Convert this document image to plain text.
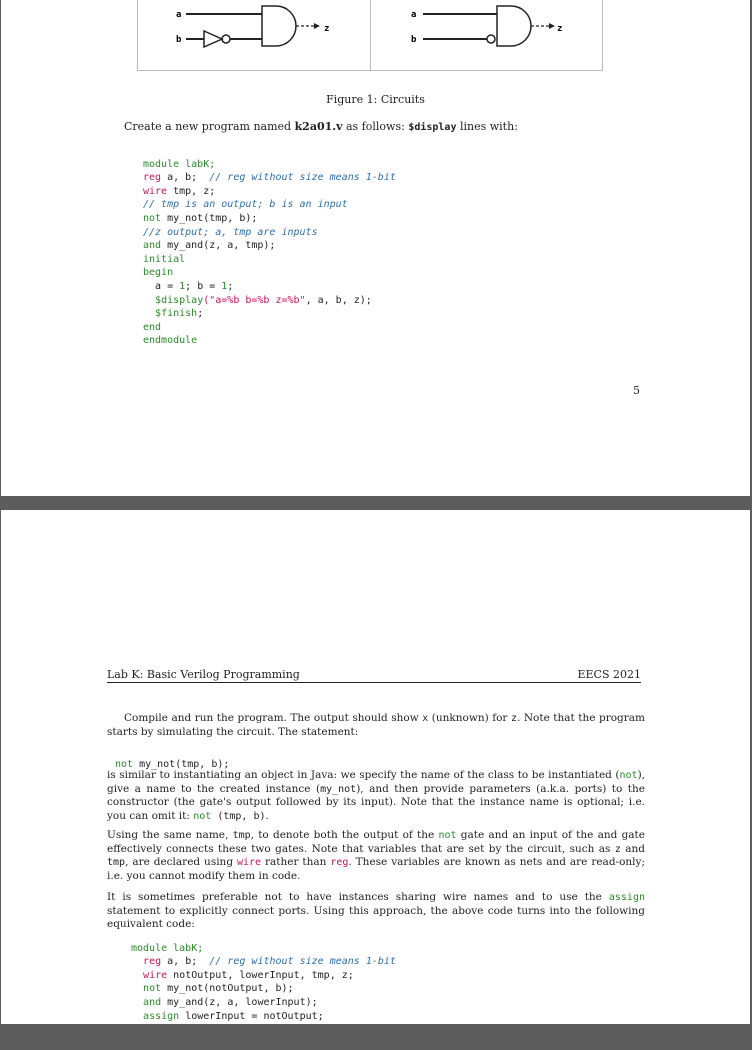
a
b
z
a
b
z
Figure 1: Circuits
Create a new program named k2a01.v as follows: $display lines with:

module labK;
reg a, b;  // reg without size means 1-bit
wire tmp, z;
// tmp is an output; b is an input
not my_not(tmp, b);
//z output; a, tmp are inputs
and my_and(z, a, tmp);
initial
begin
a = 1; b = 1;
$display("a=%b b=%b z=%b", a, b, z);
$finish;
end
endmodule

5
Lab K: Basic Verilog Programming	EECS 2021
Compile and run the program. The output should show x (unknown) for z. Note that the program starts by simulating the circuit. The statement:

not my_not(tmp, b);
is similar to instantiating an object in Java: we specify the name of the class to be instantiated (not), give a name to the created instance (my_not), and then provide parameters (a.k.a. ports) to the constructor (the gate's output followed by its input). Note that the instance name is optional; i.e. you can omit it: not (tmp, b).
Using the same name, tmp, to denote both the output of the not gate and an input of the and gate effectively connects these two gates. Note that variables that are set by the circuit, such as z and tmp, are declared using wire rather than reg. These variables are known as nets and are read-only; i.e. you cannot modify them in code.
It is sometimes preferable not to have instances sharing wire names and to use the assign statement to explicitly connect ports. Using this approach, the above code turns into the following equivalent code:

module labK;
reg a, b;  // reg without size means 1-bit
wire notOutput, lowerInput, tmp, z;
not my_not(notOutput, b);
and my_and(z, a, lowerInput);
assign lowerInput = notOutput;
